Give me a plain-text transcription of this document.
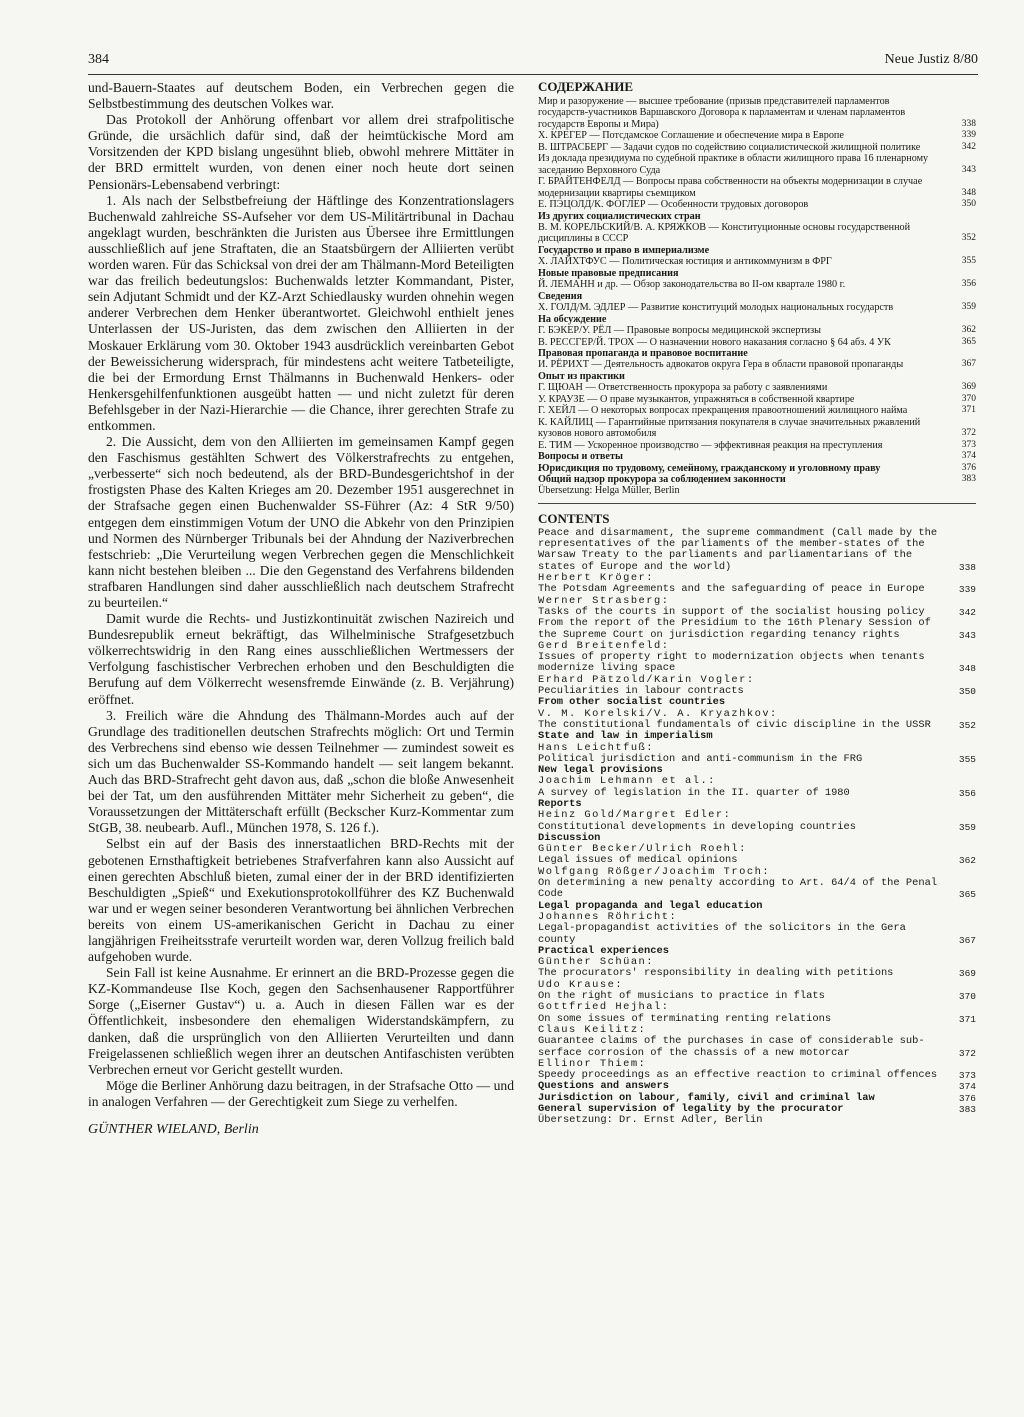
384	Neue Justiz 8/80

und-Bauern-Staates auf deutschem Boden, ein Verbrechen gegen die Selbstbestimmung des deutschen Volkes war.

Das Protokoll der Anhörung offenbart vor allem drei strafpolitische Gründe, die ursächlich dafür sind, daß der heimtückische Mord am Vorsitzenden der KPD bislang ungesühnt blieb, obwohl mehrere Mittäter in der BRD ermittelt wurden, von denen einer noch heute dort seinen Pensionärs-Lebensabend verbringt:

1. Als nach der Selbstbefreiung der Häftlinge des Konzentrationslagers Buchenwald zahlreiche SS-Aufseher vor dem US-Militärtribunal in Dachau angeklagt wurden, beschränkten die Juristen aus Übersee ihre Ermittlungen ausschließlich auf jene Straftaten, die an Staatsbürgern der Alliierten verübt worden waren. Für das Schicksal von drei der am Thälmann-Mord Beteiligten war das freilich bedeutungslos: Buchenwalds letzter Kommandant, Pister, sein Adjutant Schmidt und der KZ-Arzt Schiedlausky wurden ohnehin wegen anderer Verbrechen dem Henker überantwortet. Gleichwohl enthielt jenes Unterlassen der US-Juristen, das dem zwischen den Alliierten in der Moskauer Erklärung vom 30. Oktober 1943 ausdrücklich vereinbarten Gebot der Beweissicherung widersprach, für mindestens acht weitere Tatbeteiligte, die bei der Ermordung Ernst Thälmanns in Buchenwald Henkers- oder Henkersgehilfenfunktionen ausgeübt hatten — und nicht zuletzt für deren Befehlsgeber in der Nazi-Hierarchie — die Chance, ihrer gerechten Strafe zu entkommen.

2. Die Aussicht, dem von den Alliierten im gemeinsamen Kampf gegen den Faschismus gestählten Schwert des Völkerstrafrechts zu entgehen, „verbesserte“ sich noch bedeutend, als der BRD-Bundesgerichtshof in der frostigsten Phase des Kalten Krieges am 20. Dezember 1951 ausgerechnet in der Strafsache gegen einen Buchenwalder SS-Führer (Az: 4 StR 9/50) entgegen dem einstimmigen Votum der UNO die Abkehr von den Prinzipien und Normen des Nürnberger Tribunals bei der Ahndung der Naziverbrechen festschrieb: „Die Verurteilung wegen Verbrechen gegen die Menschlichkeit kann nicht bestehen bleiben ... Die den Gegenstand des Verfahrens bildenden strafbaren Handlungen sind daher ausschließlich nach deutschem Strafrecht zu beurteilen.“

Damit wurde die Rechts- und Justizkontinuität zwischen Nazireich und Bundesrepublik erneut bekräftigt, das Wilhelminische Strafgesetzbuch völkerrechtswidrig in den Rang eines ausschließlichen Wertmessers der Verfolgung faschistischer Verbrechen erhoben und den Beschuldigten die Berufung auf dem Völkerrecht wesensfremde Einwände (z. B. Verjährung) eröffnet.

3. Freilich wäre die Ahndung des Thälmann-Mordes auch auf der Grundlage des traditionellen deutschen Strafrechts möglich: Ort und Termin des Verbrechens sind ebenso wie dessen Teilnehmer — zumindest soweit es sich um das Buchenwalder SS-Kommando handelt — seit langem bekannt. Auch das BRD-Strafrecht geht davon aus, daß „schon die bloße Anwesenheit bei der Tat, um den ausführenden Mittäter mehr Sicherheit zu geben“, die Voraussetzungen der Mittäterschaft erfüllt (Beckscher Kurz-Kommentar zum StGB, 38. neubearb. Aufl., München 1978, S. 126 f.).

Selbst ein auf der Basis des innerstaatlichen BRD-Rechts mit der gebotenen Ernsthaftigkeit betriebenes Strafverfahren kann also Aussicht auf einen gerechten Abschluß bieten, zumal einer der in der BRD identifizierten Beschuldigten „Spieß“ und Exekutionsprotokollführer des KZ Buchenwald war und er wegen seiner besonderen Verantwortung bei ähnlichen Verbrechen bereits von einem US-amerikanischen Gericht in Dachau zu einer langjährigen Freiheitsstrafe verurteilt worden war, deren Vollzug freilich bald aufgehoben wurde.

Sein Fall ist keine Ausnahme. Er erinnert an die BRD-Prozesse gegen die KZ-Kommandeuse Ilse Koch, gegen den Sachsenhausener Rapportführer Sorge („Eiserner Gustav“) u. a. Auch in diesen Fällen war es der Öffentlichkeit, insbesondere den ehemaligen Widerstandskämpfern, zu danken, daß die ursprünglich von den Alliierten Verurteilten und dann Freigelassenen schließlich wegen ihrer an deutschen Antifaschisten verübten Verbrechen erneut vor Gericht gestellt wurden.

Möge die Berliner Anhörung dazu beitragen, in der Strafsache Otto — und in analogen Verfahren — der Gerechtigkeit zum Siege zu verhelfen.

GÜNTHER WIELAND, Berlin
СОДЕРЖАНИЕ
Мир и разоружение — высшее требование (призыв представителей парламентов государств-участников Варшавского Договора к парламентам и членам парламентов государств Европы и Мира)	338
Х. КРЕГЕР — Потсдамское Соглашение и обеспечение мира в Европе	339
В. ШТРАСБЕРГ — Задачи судов по содействию социалистической жилищной политике	342
Из доклада президиума по судебной практике в области жилищного права 16 пленарному заседанию Верховного Суда	343
Г. БРАЙТЕНФЕЛД — Вопросы права собственности на объекты модернизации в случае модернизации квартиры съемщиком	348
Е. ПЭЦОЛД/К. ФОГЛЕР — Особенности трудовых договоров	350
Из других социалистических стран
В. М. КОРЕЛЬСКИЙ/В. А. КРЯЖКОВ — Конституционные основы государственной дисциплины в СССР	352
Государство и право в империализме
Х. ЛАЙХТФУС — Политическая юстиция и антикоммунизм в ФРГ	355
Новые правовые предписания
Й. ЛЕМАНН и др. — Обзор законодательства во II-ом квартале 1980 г.	356
Сведения
Х. ГОЛД/М. ЭДЛЕР — Развитие конституций молодых национальных государств	359
На обсуждение
Г. БЭКЕР/У. РЁЛ — Правовые вопросы медицинской экспертизы	362
В. РЕССГЕР/Й. ТРОХ — О назначении нового наказания согласно § 64 абз. 4 УК	365
Правовая пропаганда и правовое воспитание
И. РЁРИХТ — Деятельность адвокатов округа Гера в области правовой пропаганды	367
Опыт из практики
Г. ЩЮАН — Ответственность прокурора за работу с заявлениями	369
У. КРАУЗЕ — О праве музыкантов, упражняться в собственной квартире	370
Г. ХЕЙЛ — О некоторых вопросах прекращения правоотношений жилищного найма	371
К. КАЙЛИЦ — Гарантийные притязания покупателя в случае значительных ржавлений кузовов нового автомобиля	372
Е. ТИМ — Ускоренное производство — эффективная реакция на преступления	373
Вопросы и ответы	374
Юрисдикция по трудовому, семейному, гражданскому и уголовному праву	376
Общий надзор прокурора за соблюдением законности	383
Übersetzung: Helga Müller, Berlin
CONTENTS
Peace and disarmament, the supreme commandment (Call made by the representatives of the parliaments of the member-states of the Warsaw Treaty to the parliaments and parliamentarians of the states of Europe and the world)	338
Herbert Kröger:
The Potsdam Agreements and the safeguarding of peace in Europe	339
Werner Strasberg:
Tasks of the courts in support of the socialist housing policy	342
From the report of the Presidium to the 16th Plenary Session of the Supreme Court on jurisdiction regarding tenancy rights	343
Gerd Breitenfeld:
Issues of property right to modernization objects when tenants modernize living space	348
Erhard Pätzold/Karin Vogler:
Peculiarities in labour contracts	350
From other socialist countries
V. M. Korelski/V. A. Kryazhkov:
The constitutional fundamentals of civic discipline in the USSR	352
State and law in imperialism
Hans Leichtfuß:
Political jurisdiction and anti-communism in the FRG	355
New legal provisions
Joachim Lehmann et al.:
A survey of legislation in the II. quarter of 1980	356
Reports
Heinz Gold/Margret Edler:
Constitutional developments in developing countries	359
Discussion
Günter Becker/Ulrich Roehl:
Legal issues of medical opinions	362
Wolfgang Rößger/Joachim Troch:
On determining a new penalty according to Art. 64/4 of the Penal Code	365
Legal propaganda and legal education
Johannes Röhricht:
Legal-propagandist activities of the solicitors in the Gera county	367
Practical experiences
Günther Schüan:
The procurators' responsibility in dealing with petitions	369
Udo Krause:
On the right of musicians to practice in flats	370
Gottfried Hejhal:
On some issues of terminating renting relations	371
Claus Keilitz:
Guarantee claims of the purchases in case of considerable sub-serface corrosion of the chassis of a new motorcar	372
Ellinor Thiem:
Speedy proceedings as an effective reaction to criminal offences	373
Questions and answers	374
Jurisdiction on labour, family, civil and criminal law	376
General supervision of legality by the procurator	383
Übersetzung: Dr. Ernst Adler, Berlin
